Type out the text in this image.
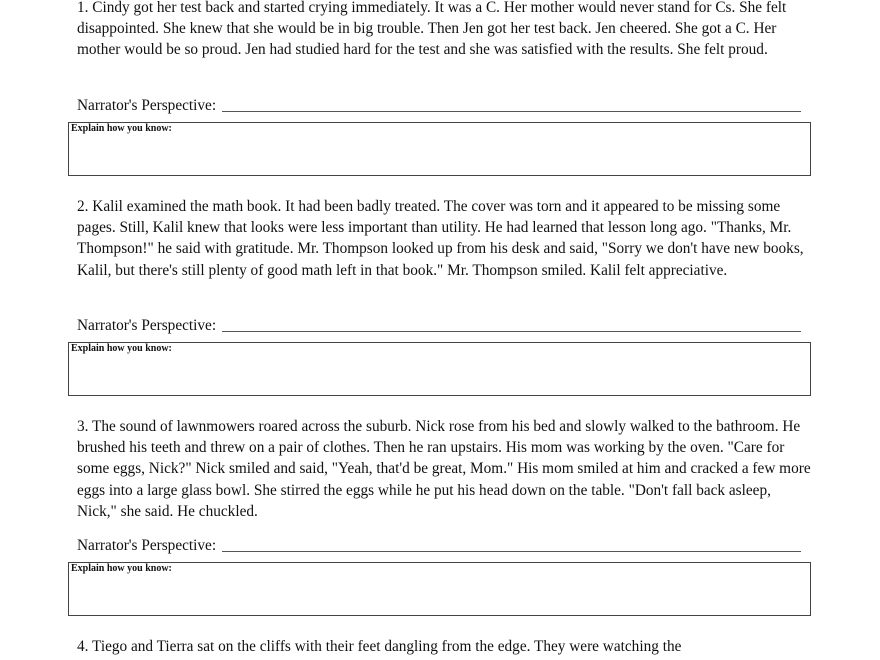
1. Cindy got her test back and started crying immediately. It was a C. Her mother would never stand for Cs. She felt disappointed. She knew that she would be in big trouble. Then Jen got her test back. Jen cheered. She got a C. Her mother would be so proud. Jen had studied hard for the test and she was satisfied with the results. She felt proud.

Narrator's Perspective:
Explain how you know:

2. Kalil examined the math book. It had been badly treated. The cover was torn and it appeared to be missing some pages. Still, Kalil knew that looks were less important than utility. He had learned that lesson long ago. "Thanks, Mr. Thompson!" he said with gratitude. Mr. Thompson looked up from his desk and said, "Sorry we don't have new books, Kalil, but there's still plenty of good math left in that book." Mr. Thompson smiled. Kalil felt appreciative.

Narrator's Perspective:
Explain how you know:

3. The sound of lawnmowers roared across the suburb. Nick rose from his bed and slowly walked to the bathroom. He brushed his teeth and threw on a pair of clothes. Then he ran upstairs. His mom was working by the oven. "Care for some eggs, Nick?" Nick smiled and said, "Yeah, that'd be great, Mom." His mom smiled at him and cracked a few more eggs into a large glass bowl. She stirred the eggs while he put his head down on the table. "Don't fall back asleep, Nick," she said. He chuckled.

Narrator's Perspective:
Explain how you know:

4. Tiego and Tierra sat on the cliffs with their feet dangling from the edge. They were watching the
